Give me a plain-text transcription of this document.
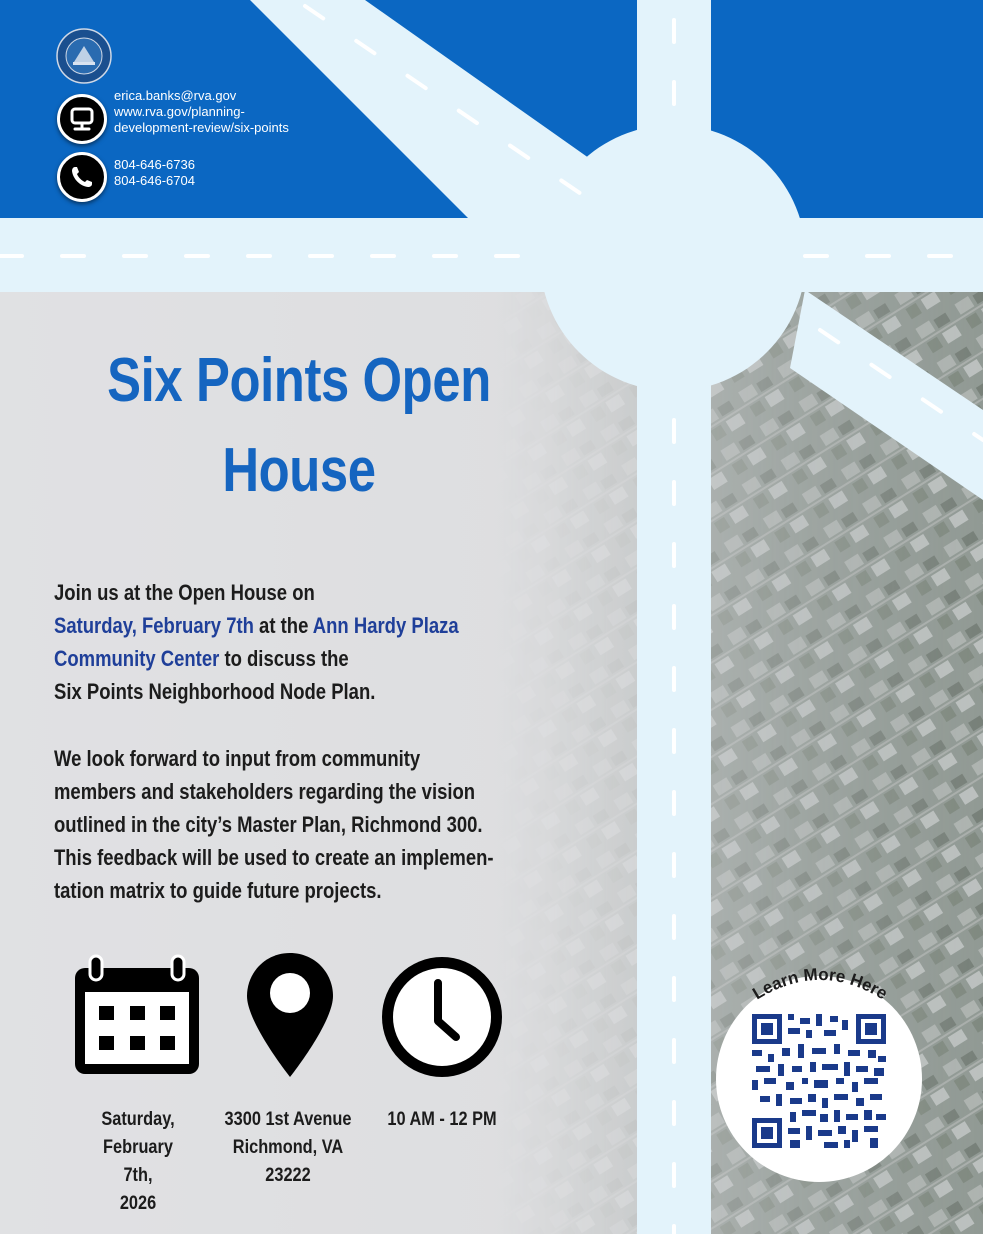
erica.banks@rva.gov
www.rva.gov/planning-
development-review/six-points
804-646-6736
804-646-6704
Six Points Open
House
Join us at the Open House on
Saturday, February 7th at the Ann Hardy Plaza
Community Center to discuss the
Six Points Neighborhood Node Plan.
We look forward to input from community
members and stakeholders regarding the vision
outlined in the city’s Master Plan, Richmond 300.
This feedback will be used to create an implemen-
tation matrix to guide future projects.
Saturday,
February 7th,
2026
3300 1st Avenue
Richmond, VA 23222
10 AM - 12 PM
Learn More Here
